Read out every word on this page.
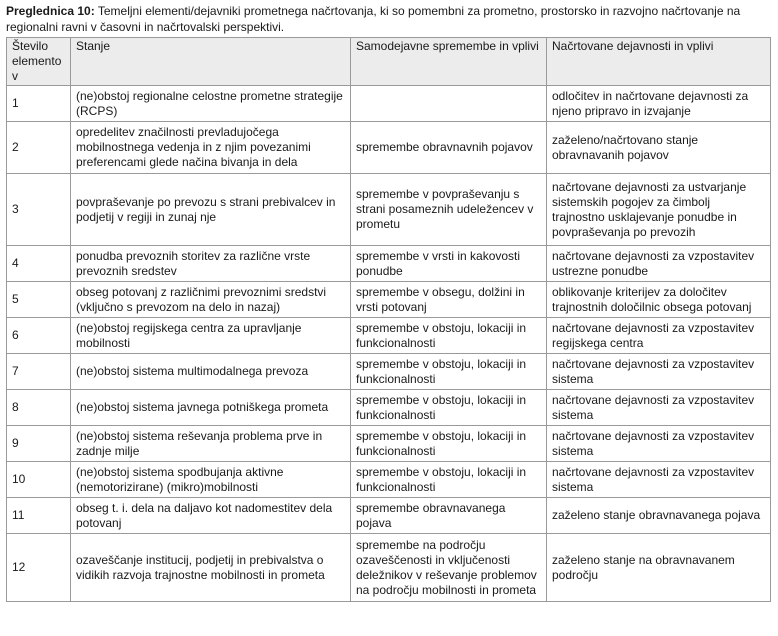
Preglednica 10: Temeljni elementi/dejavniki prometnega načrtovanja, ki so pomembni za prometno, prostorsko in razvojno načrtovanje na regionalni ravni v časovni in načrtovalski perspektivi.
Število elementov	Stanje	Samodejavne spremembe in vplivi	Načrtovane dejavnosti in vplivi
1	(ne)obstoj regionalne celostne prometne strategije (RCPS)		odločitev in načrtovane dejavnosti za njeno pripravo in izvajanje
2	opredelitev značilnosti prevladujočega mobilnostnega vedenja in z njim povezanimi preferencami glede načina bivanja in dela	spremembe obravnavnih pojavov	zaželeno/načrtovano stanje obravnavanih pojavov
3	povpraševanje po prevozu s strani prebivalcev in podjetij v regiji in zunaj nje	spremembe v povpraševanju s strani posameznih udeležencev v prometu	načrtovane dejavnosti za ustvarjanje sistemskih pogojev za čimbolj trajnostno usklajevanje ponudbe in povpraševanja po prevozih
4	ponudba prevoznih storitev za različne vrste prevoznih sredstev	spremembe v vrsti in kakovosti ponudbe	načrtovane dejavnosti za vzpostavitev ustrezne ponudbe
5	obseg potovanj z različnimi prevoznimi sredstvi (vključno s prevozom na delo in nazaj)	spremembe v obsegu, dolžini in vrsti potovanj	oblikovanje kriterijev za določitev trajnostnih določilnic obsega potovanj
6	(ne)obstoj regijskega centra za upravljanje mobilnosti	spremembe v obstoju, lokaciji in funkcionalnosti	načrtovane dejavnosti za vzpostavitev regijskega centra
7	(ne)obstoj sistema multimodalnega prevoza	spremembe v obstoju, lokaciji in funkcionalnosti	načrtovane dejavnosti za vzpostavitev sistema
8	(ne)obstoj sistema javnega potniškega prometa	spremembe v obstoju, lokaciji in funkcionalnosti	načrtovane dejavnosti za vzpostavitev sistema
9	(ne)obstoj sistema reševanja problema prve in zadnje milje	spremembe v obstoju, lokaciji in funkcionalnosti	načrtovane dejavnosti za vzpostavitev sistema
10	(ne)obstoj sistema spodbujanja aktivne (nemotorizirane) (mikro)mobilnosti	spremembe v obstoju, lokaciji in funkcionalnosti	načrtovane dejavnosti za vzpostavitev sistema
11	obseg t. i. dela na daljavo kot nadomestitev dela potovanj	spremembe obravnavanega pojava	zaželeno stanje obravnavanega pojava
12	ozaveščanje institucij, podjetij in prebivalstva o vidikih razvoja trajnostne mobilnosti in prometa	spremembe na področju ozaveščenosti in vključenosti deležnikov v reševanje problemov na področju mobilnosti in prometa	zaželeno stanje na obravnavanem področju
